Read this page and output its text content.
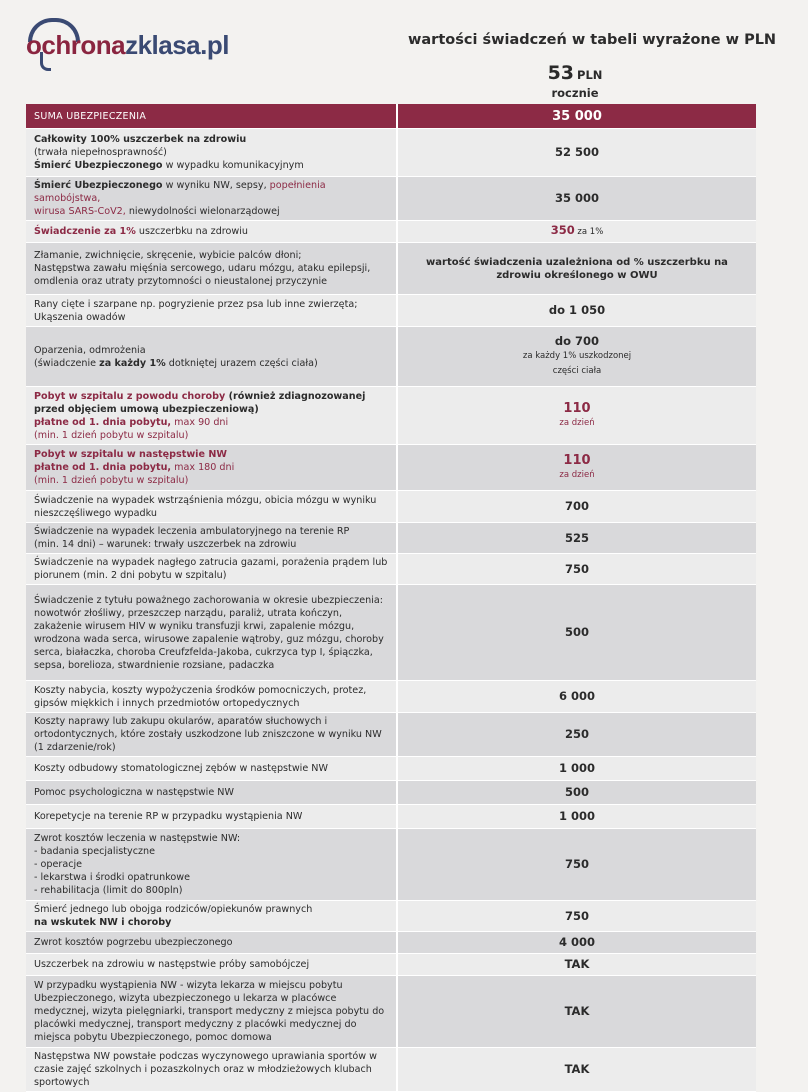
ochronazklasa.pl	wartości świadczeń w tabeli wyrażone w PLN
53 PLN
rocznie
SUMA UBEZPIECZENIA	35 000
Całkowity 100% uszczerbek na zdrowiu
(trwała niepełnosprawność)
Śmierć Ubezpieczonego w wypadku komunikacyjnym	52 500
Śmierć Ubezpieczonego w wyniku NW, sepsy, popełnienia samobójstwa,
wirusa SARS-CoV2, niewydolności wielonarządowej	35 000
Świadczenie za 1% uszczerbku na zdrowiu	350 za 1%
Złamanie, zwichnięcie, skręcenie, wybicie palców dłoni;
Następstwa zawału mięśnia sercowego, udaru mózgu, ataku epilepsji, omdlenia oraz utraty przytomności o nieustalonej przyczynie	wartość świadczenia uzależniona od % uszczerbku na zdrowiu określonego w OWU
Rany cięte i szarpane np. pogryzienie przez psa lub inne zwierzęta;
Ukąszenia owadów	do 1 050
Oparzenia, odmrożenia
(świadczenie za każdy 1% dotkniętej urazem części ciała)	do 700
za każdy 1% uszkodzonej
części ciała
Pobyt w szpitalu z powodu choroby (również zdiagnozowanej przed objęciem umową ubezpieczeniową)
płatne od 1. dnia pobytu, max 90 dni
(min. 1 dzień pobytu w szpitalu)	110
za dzień
Pobyt w szpitalu w następstwie NW
płatne od 1. dnia pobytu, max 180 dni
(min. 1 dzień pobytu w szpitalu)	110
za dzień
Świadczenie na wypadek wstrząśnienia mózgu, obicia mózgu w wyniku nieszczęśliwego wypadku	700
Świadczenie na wypadek leczenia ambulatoryjnego na terenie RP
(min. 14 dni) – warunek: trwały uszczerbek na zdrowiu	525
Świadczenie na wypadek nagłego zatrucia gazami, porażenia prądem lub piorunem (min. 2 dni pobytu w szpitalu)	750
Świadczenie z tytułu poważnego zachorowania w okresie ubezpieczenia: nowotwór złośliwy, przeszczep narządu, paraliż, utrata kończyn, zakażenie wirusem HIV w wyniku transfuzji krwi, zapalenie mózgu, wrodzona wada serca, wirusowe zapalenie wątroby, guz mózgu, choroby serca, białaczka, choroba Creufzfelda-Jakoba, cukrzyca typ I, śpiączka, sepsa, borelioza, stwardnienie rozsiane, padaczka	500
Koszty nabycia, koszty wypożyczenia środków pomocniczych, protez, gipsów miękkich i innych przedmiotów ortopedycznych	6 000
Koszty naprawy lub zakupu okularów, aparatów słuchowych i ortodontycznych, które zostały uszkodzone lub zniszczone w wyniku NW (1 zdarzenie/rok)	250
Koszty odbudowy stomatologicznej zębów w następstwie NW	1 000
Pomoc psychologiczna w następstwie NW	500
Korepetycje na terenie RP w przypadku wystąpienia NW	1 000
Zwrot kosztów leczenia w następstwie NW:
- badania specjalistyczne
- operacje
- lekarstwa i środki opatrunkowe
- rehabilitacja (limit do 800pln)	750
Śmierć jednego lub obojga rodziców/opiekunów prawnych
na wskutek NW i choroby	750
Zwrot kosztów pogrzebu ubezpieczonego	4 000
Uszczerbek na zdrowiu w następstwie próby samobójczej	TAK
W przypadku wystąpienia NW - wizyta lekarza w miejscu pobytu Ubezpieczonego, wizyta ubezpieczonego u lekarza w placówce medycznej, wizyta pielęgniarki, transport medyczny z miejsca pobytu do placówki medycznej, transport medyczny z placówki medycznej do miejsca pobytu Ubezpieczonego, pomoc domowa	TAK
Następstwa NW powstałe podczas wyczynowego uprawiania sportów w czasie zajęć szkolnych i pozaszkolnych oraz w młodzieżowych klubach sportowych	TAK
